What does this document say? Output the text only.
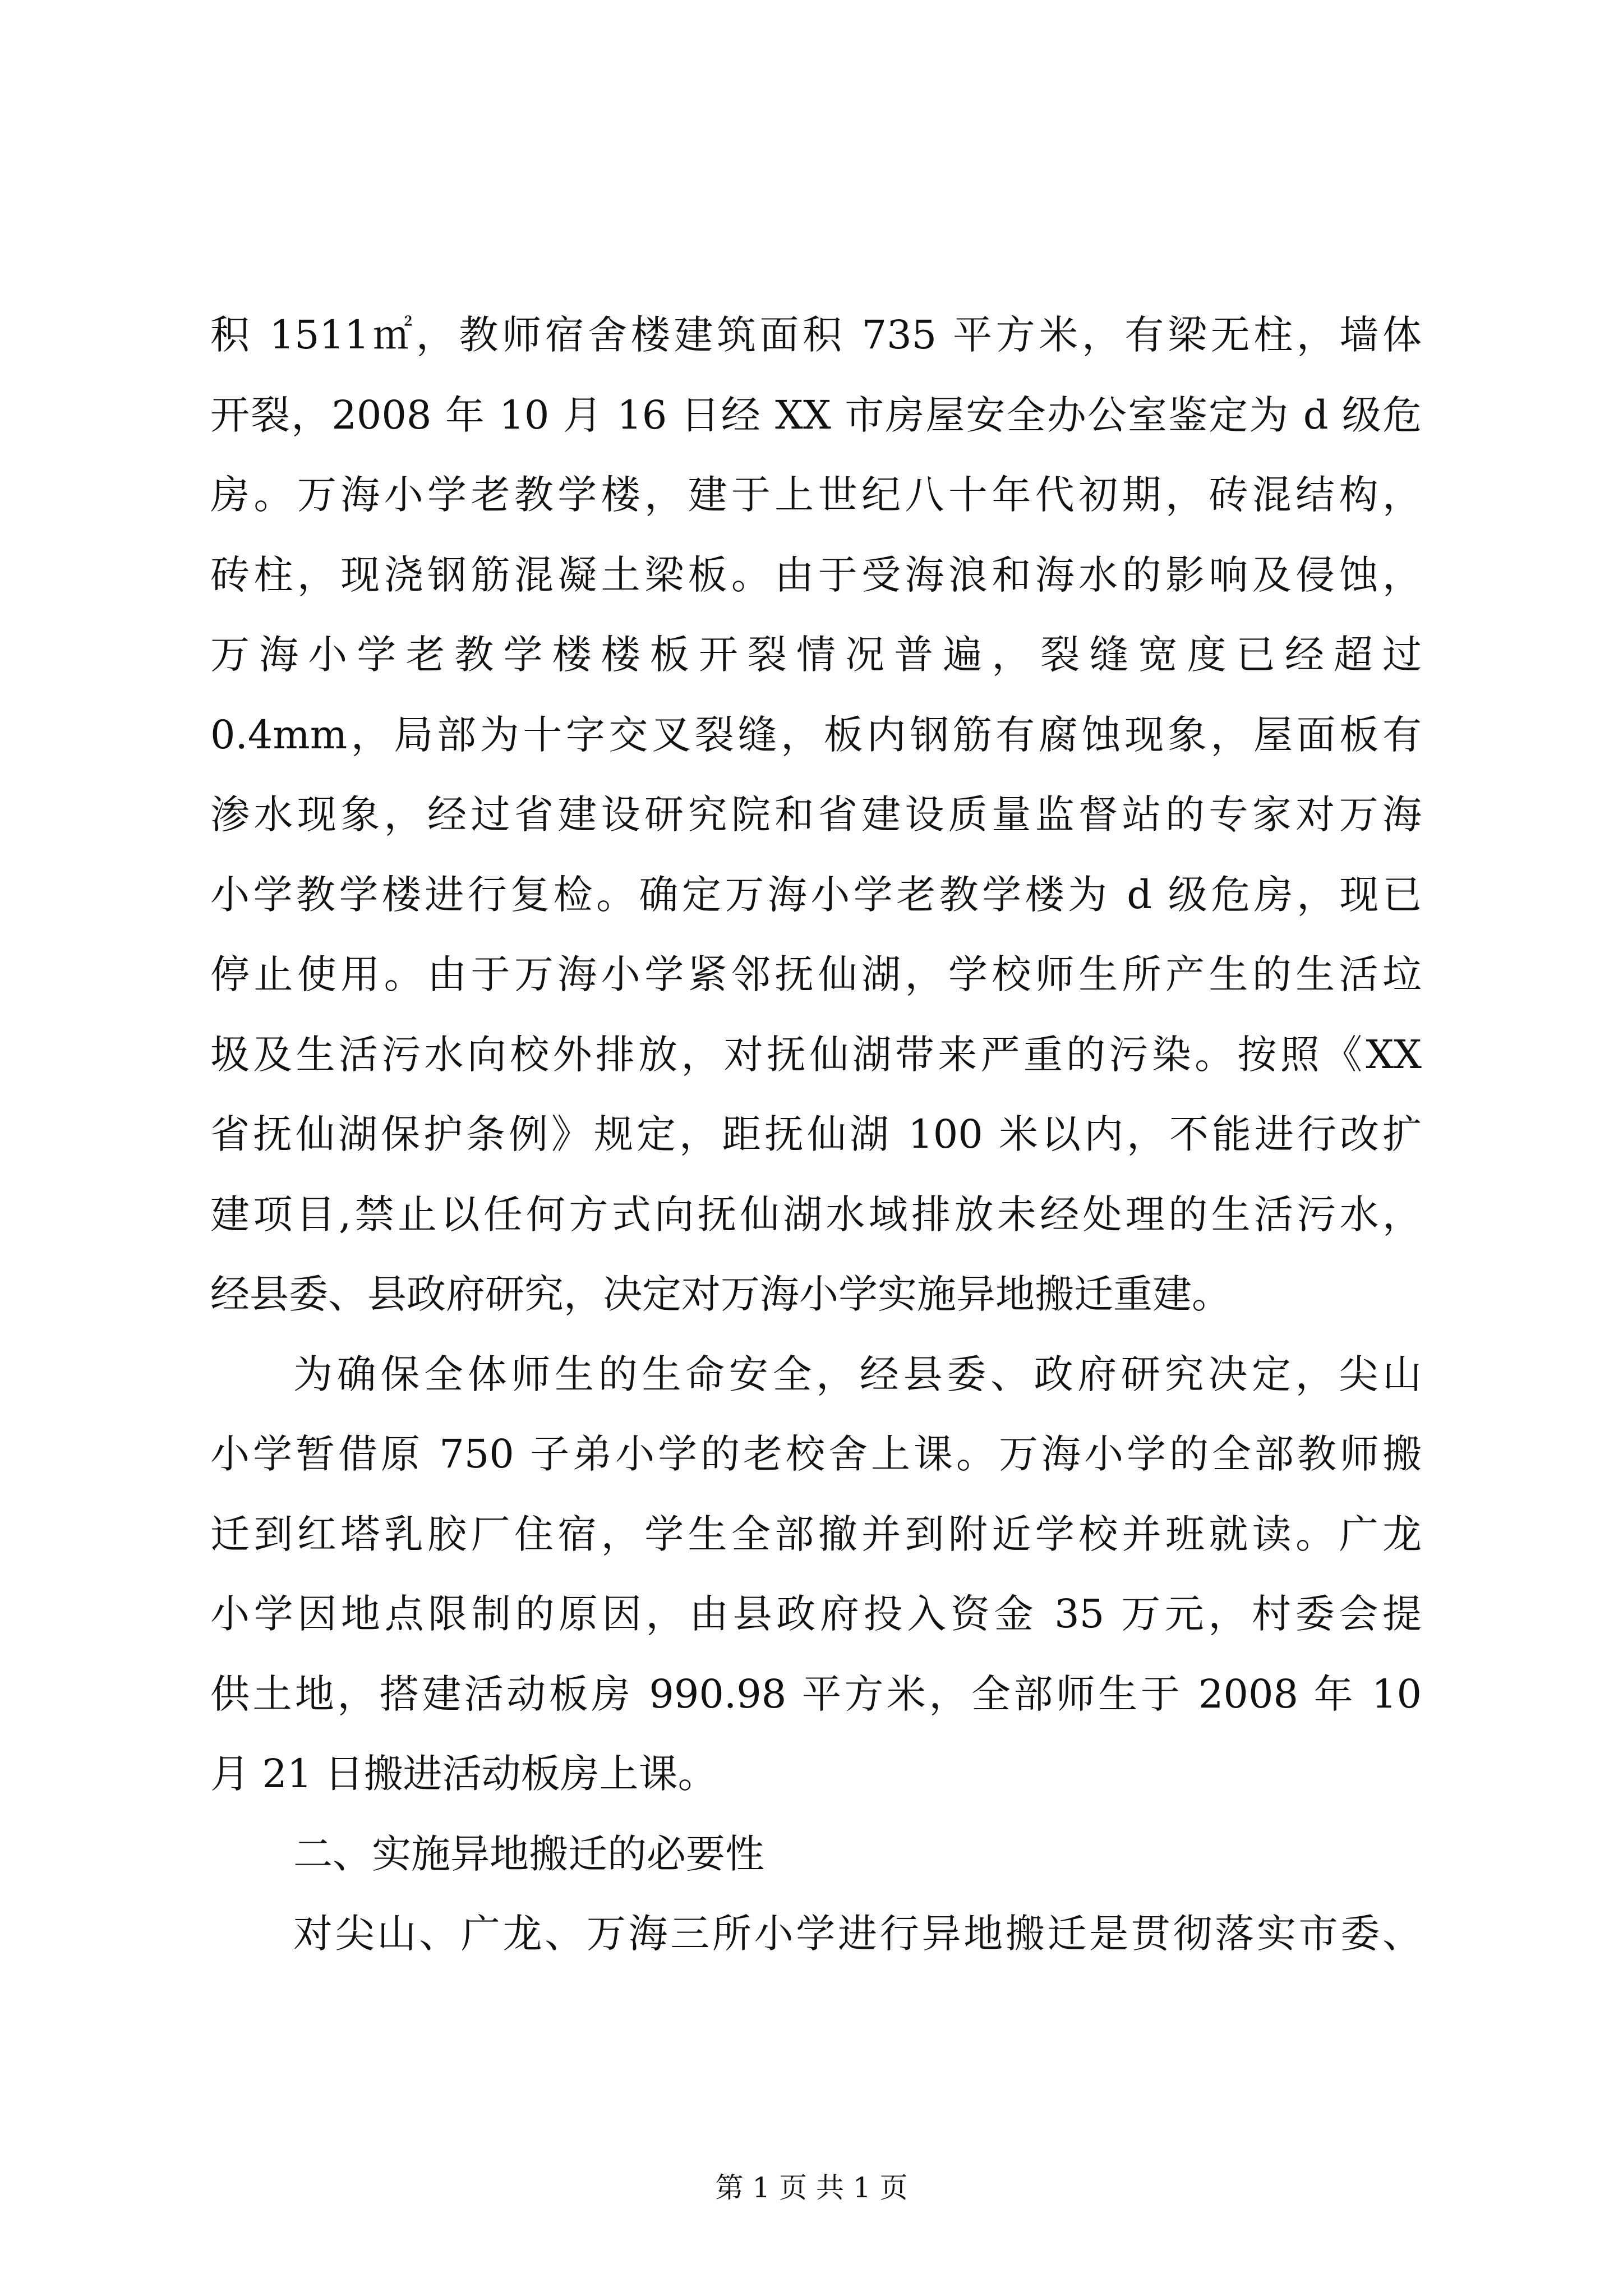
积 1511㎡，教师宿舍楼建筑面积 735 平方米，有梁无柱，墙体
开裂，2008 年 10 月 16 日经 XX 市房屋安全办公室鉴定为 d 级危
房。万海小学老教学楼，建于上世纪八十年代初期，砖混结构，
砖柱，现浇钢筋混凝土梁板。由于受海浪和海水的影响及侵蚀，
万海小学老教学楼楼板开裂情况普遍，裂缝宽度已经超过
0.4mm，局部为十字交叉裂缝，板内钢筋有腐蚀现象，屋面板有
渗水现象，经过省建设研究院和省建设质量监督站的专家对万海
小学教学楼进行复检。确定万海小学老教学楼为 d 级危房，现已
停止使用。由于万海小学紧邻抚仙湖，学校师生所产生的生活垃
圾及生活污水向校外排放，对抚仙湖带来严重的污染。按照《XX
省抚仙湖保护条例》规定，距抚仙湖 100 米以内，不能进行改扩
建项目,禁止以任何方式向抚仙湖水域排放未经处理的生活污水，
经县委、县政府研究，决定对万海小学实施异地搬迁重建。
为确保全体师生的生命安全，经县委、政府研究决定，尖山
小学暂借原 750 子弟小学的老校舍上课。万海小学的全部教师搬
迁到红塔乳胶厂住宿，学生全部撤并到附近学校并班就读。广龙
小学因地点限制的原因，由县政府投入资金 35 万元，村委会提
供土地，搭建活动板房 990.98 平方米，全部师生于 2008 年 10
月 21 日搬进活动板房上课。
二、实施异地搬迁的必要性
对尖山、广龙、万海三所小学进行异地搬迁是贯彻落实市委、
第 1 页 共 1 页
